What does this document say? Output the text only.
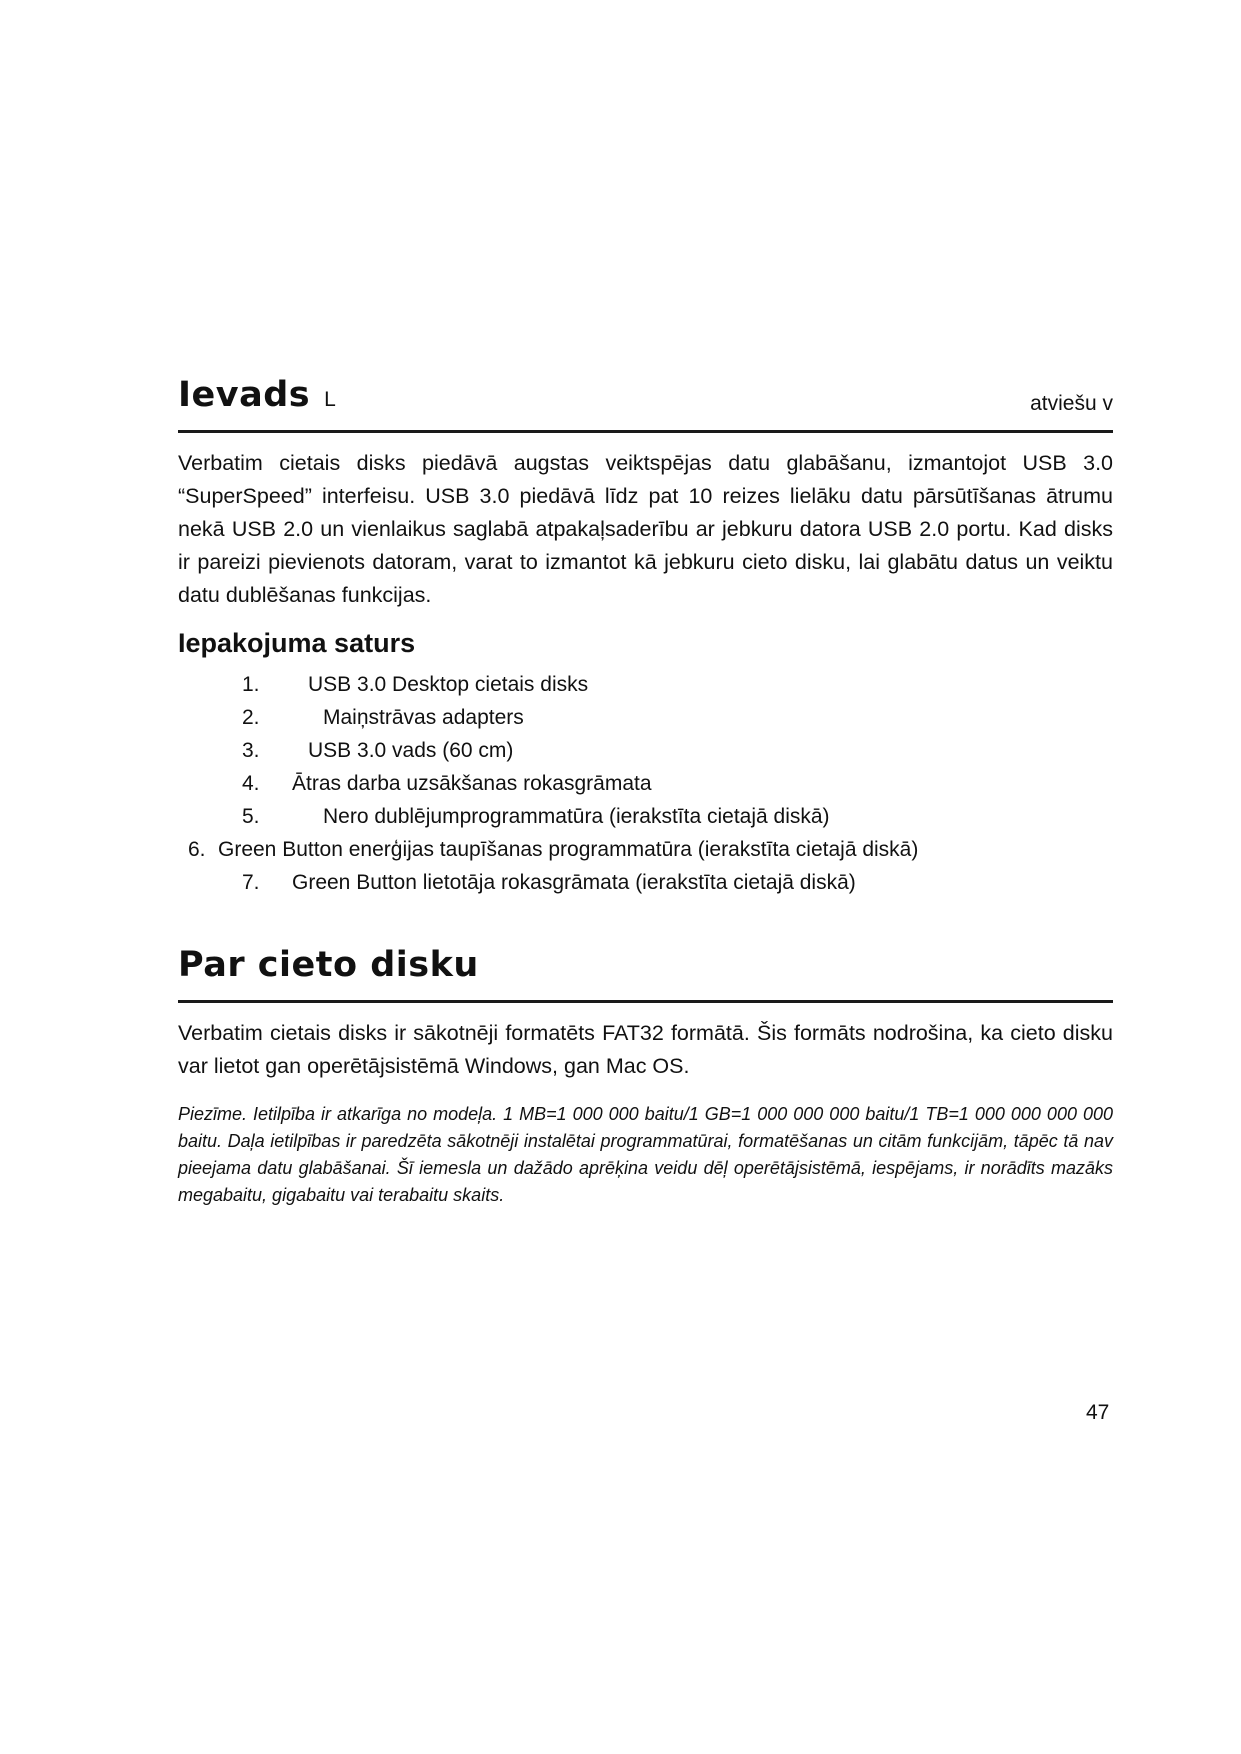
Ievads L	atviešu v

Verbatim cietais disks piedāvā augstas veiktspējas datu glabāšanu, izmantojot USB 3.0 “SuperSpeed” interfeisu. USB 3.0 piedāvā līdz pat 10 reizes lielāku datu pārsūtīšanas ātrumu nekā USB 2.0 un vienlaikus saglabā atpakaļsaderību ar jebkuru datora USB 2.0 portu. Kad disks ir pareizi pievienots datoram, varat to izmantot kā jebkuru cieto disku, lai glabātu datus un veiktu datu dublēšanas funkcijas.

Iepakojuma saturs
1.	USB 3.0 Desktop cietais disks
2.	Maiņstrāvas adapters
3.	USB 3.0 vads (60 cm)
4.	Ātras darba uzsākšanas rokasgrāmata
5.	Nero dublējumprogrammatūra (ierakstīta cietajā diskā)
6. Green Button enerģijas taupīšanas programmatūra (ierakstīta cietajā diskā)
7.	Green Button lietotāja rokasgrāmata (ierakstīta cietajā diskā)
Par cieto disku

Verbatim cietais disks ir sākotnēji formatēts FAT32 formātā. Šis formāts nodrošina, ka cieto disku var lietot gan operētājsistēmā Windows, gan Mac OS.

Piezīme. Ietilpība ir atkarīga no modeļa. 1 MB=1 000 000 baitu/1 GB=1 000 000 000 baitu/1 TB=1 000 000 000 000 baitu. Daļa ietilpības ir paredzēta sākotnēji instalētai programmatūrai, formatēšanas un citām funkcijām, tāpēc tā nav pieejama datu glabāšanai. Šī iemesla un dažādo aprēķina veidu dēļ operētājsistēmā, iespējams, ir norādīts mazāks megabaitu, gigabaitu vai terabaitu skaits.

47
